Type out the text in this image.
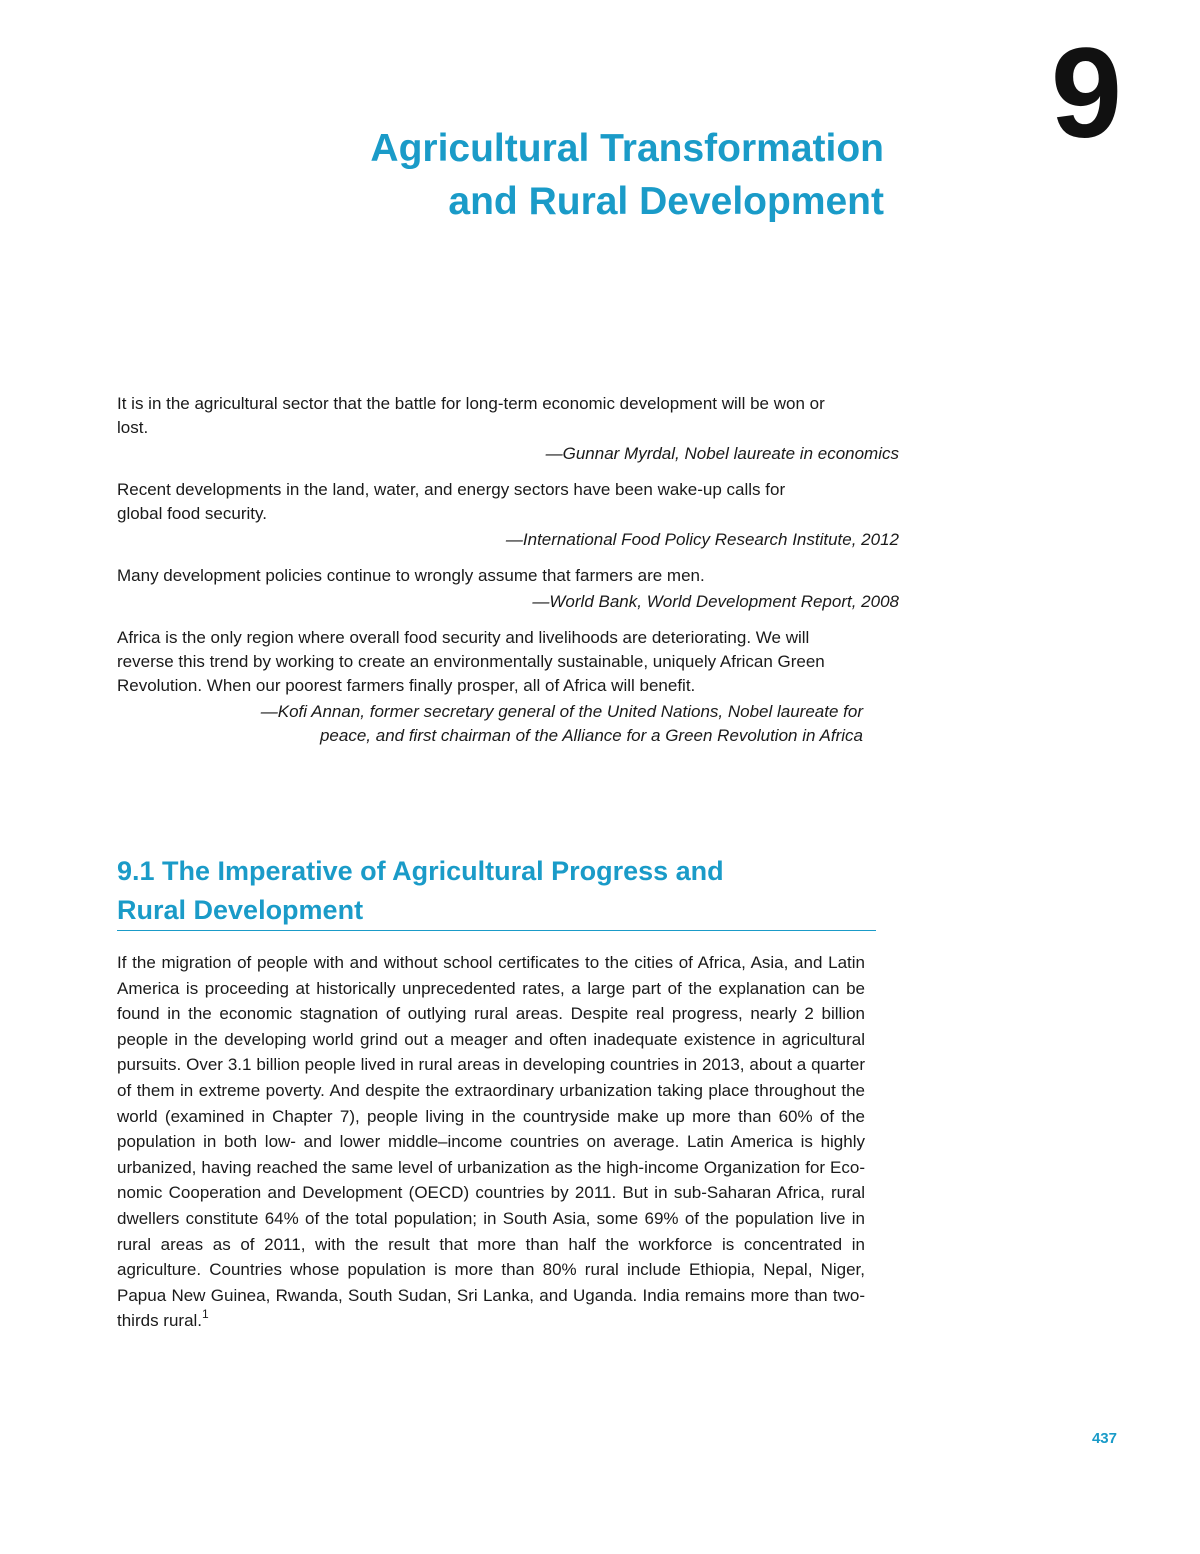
9
Agricultural Transformation
and Rural Development
It is in the agricultural sector that the battle for long-term economic development will be won or lost.
—Gunnar Myrdal, Nobel laureate in economics
Recent developments in the land, water, and energy sectors have been wake-up calls for global food security.
—International Food Policy Research Institute, 2012
Many development policies continue to wrongly assume that farmers are men.
—World Bank, World Development Report, 2008
Africa is the only region where overall food security and livelihoods are deteriorating. We will reverse this trend by working to create an environmentally sustainable, uniquely African Green Revolution. When our poorest farmers finally prosper, all of Africa will benefit.
—Kofi Annan, former secretary general of the United Nations, Nobel laureate for
peace, and first chairman of the Alliance for a Green Revolution in Africa
9.1 The Imperative of Agricultural Progress and
Rural Development
If the migration of people with and without school certificates to the cities of Africa, Asia, and Latin America is proceeding at historically unprecedented rates, a large part of the explanation can be found in the economic stagnation of outlying rural areas. Despite real progress, nearly 2 billion people in the developing world grind out a meager and often inadequate existence in agricultural pursuits. Over 3.1 billion people lived in rural areas in developing countries in 2013, about a quarter of them in extreme poverty. And despite the extraordinary urbanization taking place throughout the world (examined in Chapter 7), people living in the countryside make up more than 60% of the population in both low- and lower middle–income countries on average. Latin America is highly urbanized, having reached the same level of urbanization as the high-income Organization for Eco-nomic Cooperation and Development (OECD) countries by 2011. But in sub-Saharan Africa, rural dwellers constitute 64% of the total population; in South Asia, some 69% of the population live in rural areas as of 2011, with the result that more than half the workforce is concentrated in agriculture. Countries whose population is more than 80% rural include Ethiopia, Nepal, Niger, Papua New Guinea, Rwanda, South Sudan, Sri Lanka, and Uganda. India remains more than two-thirds rural.$^1$
437
